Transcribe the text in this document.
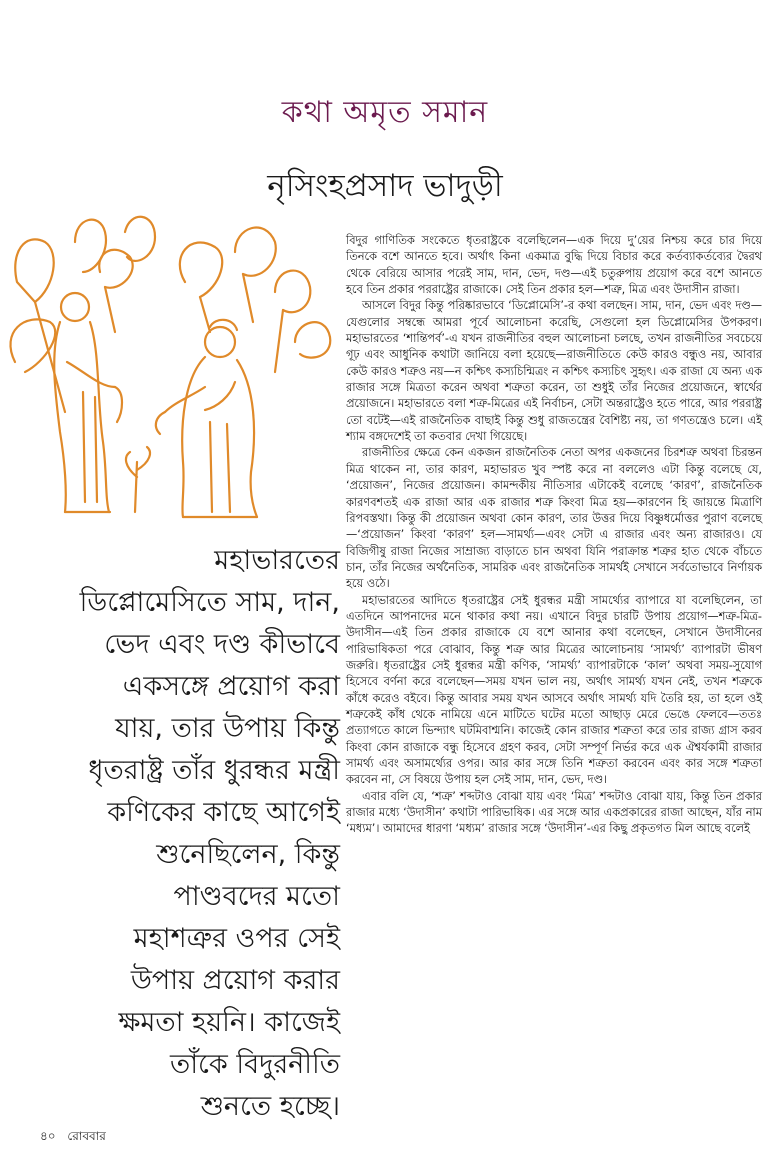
কথা অমৃত সমান
নৃসিংহপ্রসাদ ভাদুড়ী
মহাভারতের
ডিপ্লোমেসিতে সাম, দান,
ভেদ এবং দণ্ড কীভাবে
একসঙ্গে প্রয়োগ করা
যায়, তার উপায় কিন্তু
ধৃতরাষ্ট্র তাঁর ধুরন্ধর মন্ত্রী
কণিকের কাছে আগেই
শুনেছিলেন, কিন্তু
পাণ্ডবদের মতো
মহাশত্রুর ওপর সেই
উপায় প্রয়োগ করার
ক্ষমতা হয়নি। কাজেই
তাঁকে বিদুরনীতি
শুনতে হচ্ছে।

বিদুর গাণিতিক সংকেতে ধৃতরাষ্ট্রকে বলেছিলেন—এক দিয়ে দু’য়ের নিশ্চয় করে চার দিয়ে তিনকে বশে আনতে হবে। অর্থাৎ কিনা একমাত্র বুদ্ধি দিয়ে বিচার করে কর্তব্যাকর্তব্যের দ্বৈরথ থেকে বেরিয়ে আসার পরেই সাম, দান, ভেদ, দণ্ড—এই চতুরুপায় প্রয়োগ করে বশে আনতে হবে তিন প্রকার পররাষ্ট্রের রাজাকে। সেই তিন প্রকার হল—শত্রু, মিত্র এবং উদাসীন রাজা।

আসলে বিদুর কিন্তু পরিষ্কারভাবে ‘ডিপ্লোমেসি’-র কথা বলছেন। সাম, দান, ভেদ এবং দণ্ড—যেগুলোর সম্বন্ধে আমরা পূর্বে আলোচনা করেছি, সেগুলো হল ডিপ্লোমেসির উপকরণ। মহাভারতের ‘শান্তিপর্ব’-এ যখন রাজনীতির বহুল আলোচনা চলছে, তখন রাজনীতির সবচেয়ে গূঢ় এবং আধুনিক কথাটা জানিয়ে বলা হয়েছে—রাজনীতিতে কেউ কারও বন্ধুও নয়, আবার কেউ কারও শত্রুও নয়—ন কশ্চিৎ কস্যচিন্মিত্রং ন কশ্চিৎ কস্যচিৎ সুহৃৎ। এক রাজা যে অন্য এক রাজার সঙ্গে মিত্রতা করেন অথবা শত্রুতা করেন, তা শুধুই তাঁর নিজের প্রয়োজনে, স্বার্থের প্রয়োজনে। মহাভারতে বলা শত্রু-মিত্রের এই নির্বাচন, সেটা অন্তরাষ্ট্রেও হতে পারে, আর পররাষ্ট্র তো বটেই—এই রাজনৈতিক বাছাই কিন্তু শুধু রাজতন্ত্রের বৈশিষ্ট্য নয়, তা গণতন্ত্রেও চলে। এই শ্যাম বঙ্গদেশেই তা কতবার দেখা গিয়েছে।

রাজনীতির ক্ষেত্রে কেন একজন রাজনৈতিক নেতা অপর একজনের চিরশত্রু অথবা চিরন্তন মিত্র থাকেন না, তার কারণ, মহাভারত খুব স্পষ্ট করে না বললেও এটা কিন্তু বলেছে যে, ‘প্রয়োজন’, নিজের প্রয়োজন। কামন্দকীয় নীতিসার এটাকেই বলেছে ‘কারণ’, রাজনৈতিক কারণবশতই এক রাজা আর এক রাজার শত্রু কিংবা মিত্র হয়—কারণেন হি জায়ন্তে মিত্রাণি রিপবস্তথা। কিন্তু কী প্রয়োজন অথবা কোন কারণ, তার উত্তর দিয়ে বিষ্ণুধর্মোত্তর পুরাণ বলেছে—‘প্রয়োজন’ কিংবা ‘কারণ’ হল—সামর্থ্য—এবং সেটা এ রাজার এবং অন্য রাজারও। যে বিজিগীষু রাজা নিজের সাম্রাজ্য বাড়াতে চান অথবা যিনি পরাক্রান্ত শত্রুর হাত থেকে বাঁচতে চান, তাঁর নিজের অর্থনৈতিক, সামরিক এবং রাজনৈতিক সামর্থই সেখানে সর্বতোভাবে নির্ণায়ক হয়ে ওঠে।

মহাভারতের আদিতে ধৃতরাষ্ট্রের সেই ধুরন্ধর মন্ত্রী সামর্থ্যের ব্যাপারে যা বলেছিলেন, তা এতদিনে আপনাদের মনে থাকার কথা নয়। এখানে বিদুর চারটি উপায় প্রয়োগ—শত্রু-মিত্র-উদাসীন—এই তিন প্রকার রাজাকে যে বশে আনার কথা বলেছেন, সেখানে উদাসীনের পারিভাষিকতা পরে বোঝাব, কিন্তু শত্রু আর মিত্রের আলোচনায় ‘সামর্থ্য’ ব্যাপারটা ভীষণ জরুরি। ধৃতরাষ্ট্রের সেই ধুরন্ধর মন্ত্রী কণিক, ‘সামর্থ্য’ ব্যাপারটাকে ‘কাল’ অথবা সময়-সুযোগ হিসেবে বর্ণনা করে বলেছেন—সময় যখন ভাল নয়, অর্থাৎ সামর্থ্য যখন নেই, তখন শত্রুকে কাঁধে করেও বইবে। কিন্তু আবার সময় যখন আসবে অর্থাৎ সামর্থ্য যদি তৈরি হয়, তা হলে ওই শত্রুকেই কাঁধ থেকে নামিয়ে এনে মাটিতে ঘটের মতো আছাড় মেরে ভেঙে ফেলবে—ততঃ প্রত্যাগতে কালে ভিন্দ্যাৎ ঘটমিবাশ্মনি। কাজেই কোন রাজার শত্রুতা করে তার রাজ্য গ্রাস করব কিংবা কোন রাজাকে বন্ধু হিসেবে গ্রহণ করব, সেটা সম্পূর্ণ নির্ভর করে এক ঐশ্বর্যকামী রাজার সামর্থ্য এবং অসামর্থ্যের ওপর। আর কার সঙ্গে তিনি শত্রুতা করবেন এবং কার সঙ্গে শত্রুতা করবেন না, সে বিষয়ে উপায় হল সেই সাম, দান, ভেদ, দণ্ড।

এবার বলি যে, ‘শত্রু’ শব্দটাও বোঝা যায় এবং ‘মিত্র’ শব্দটাও বোঝা যায়, কিন্তু তিন প্রকার রাজার মধ্যে ‘উদাসীন’ কথাটা পারিভাষিক। এর সঙ্গে আর একপ্রকারের রাজা আছেন, যাঁর নাম ‘মধ্যম’। আমাদের ধারণা ‘মধ্যম’ রাজার সঙ্গে ‘উদাসীন’-এর কিছু প্রকৃতগত মিল আছে বলেই

৪০ রোববার
